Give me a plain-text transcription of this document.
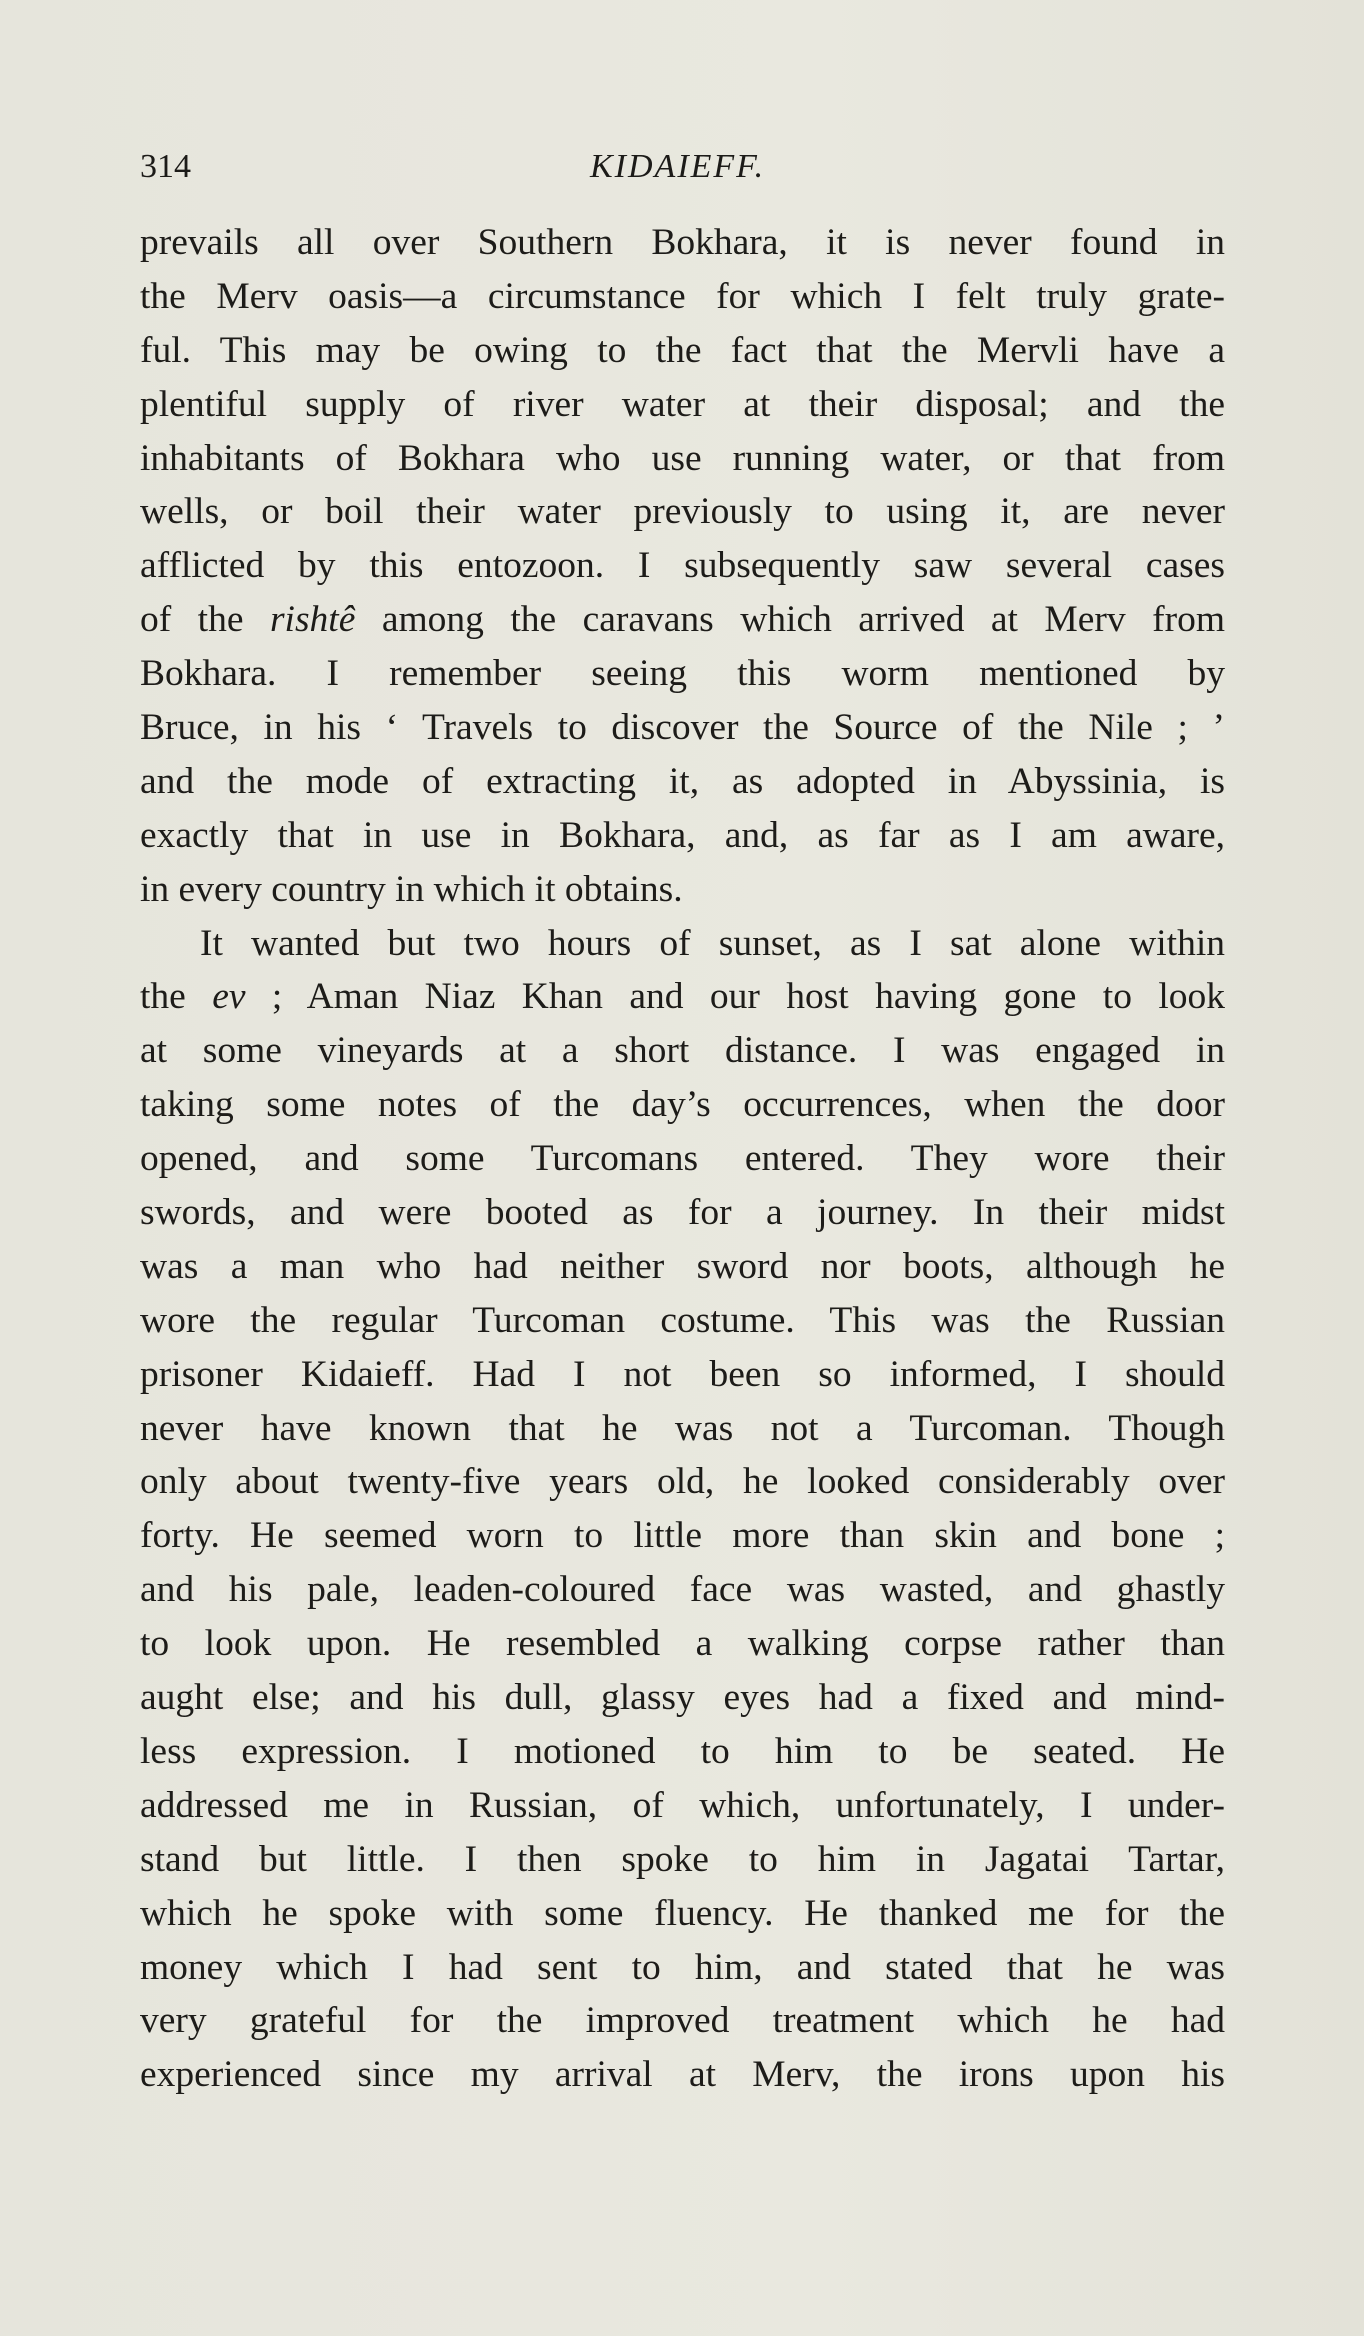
314	KIDAIEFF.
prevails all over Southern Bokhara, it is never found in
the Merv oasis—a circumstance for which I felt truly grate-
ful. This may be owing to the fact that the Mervli have a
plentiful supply of river water at their disposal; and the
inhabitants of Bokhara who use running water, or that from
wells, or boil their water previously to using it, are never
afflicted by this entozoon. I subsequently saw several cases
of the rishtê among the caravans which arrived at Merv from
Bokhara. I remember seeing this worm mentioned by
Bruce, in his ‘ Travels to discover the Source of the Nile ; ’
and the mode of extracting it, as adopted in Abyssinia, is
exactly that in use in Bokhara, and, as far as I am aware,
in every country in which it obtains.
It wanted but two hours of sunset, as I sat alone within
the ev ; Aman Niaz Khan and our host having gone to look
at some vineyards at a short distance. I was engaged in
taking some notes of the day’s occurrences, when the door
opened, and some Turcomans entered. They wore their
swords, and were booted as for a journey. In their midst
was a man who had neither sword nor boots, although he
wore the regular Turcoman costume. This was the Russian
prisoner Kidaieff. Had I not been so informed, I should
never have known that he was not a Turcoman. Though
only about twenty-five years old, he looked considerably over
forty. He seemed worn to little more than skin and bone ;
and his pale, leaden-coloured face was wasted, and ghastly
to look upon. He resembled a walking corpse rather than
aught else; and his dull, glassy eyes had a fixed and mind-
less expression. I motioned to him to be seated. He
addressed me in Russian, of which, unfortunately, I under-
stand but little. I then spoke to him in Jagatai Tartar,
which he spoke with some fluency. He thanked me for the
money which I had sent to him, and stated that he was
very grateful for the improved treatment which he had
experienced since my arrival at Merv, the irons upon his
